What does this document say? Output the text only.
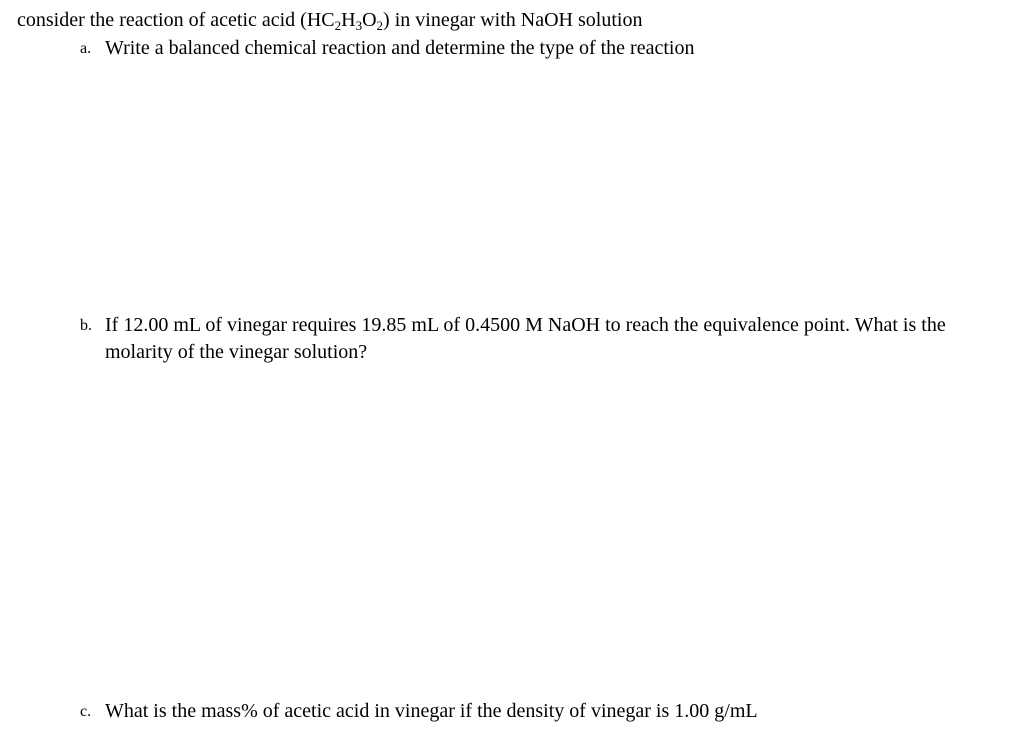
consider the reaction of acetic acid $(HC_2H_3O_2)$ in vinegar with NaOH solution
a. Write a balanced chemical reaction and determine the type of the reaction
b. If 12.00 mL of vinegar requires 19.85 mL of 0.4500 M NaOH to reach the equivalence point. What is the molarity of the vinegar solution?
c. What is the mass% of acetic acid in vinegar if the density of vinegar is 1.00 g/mL
